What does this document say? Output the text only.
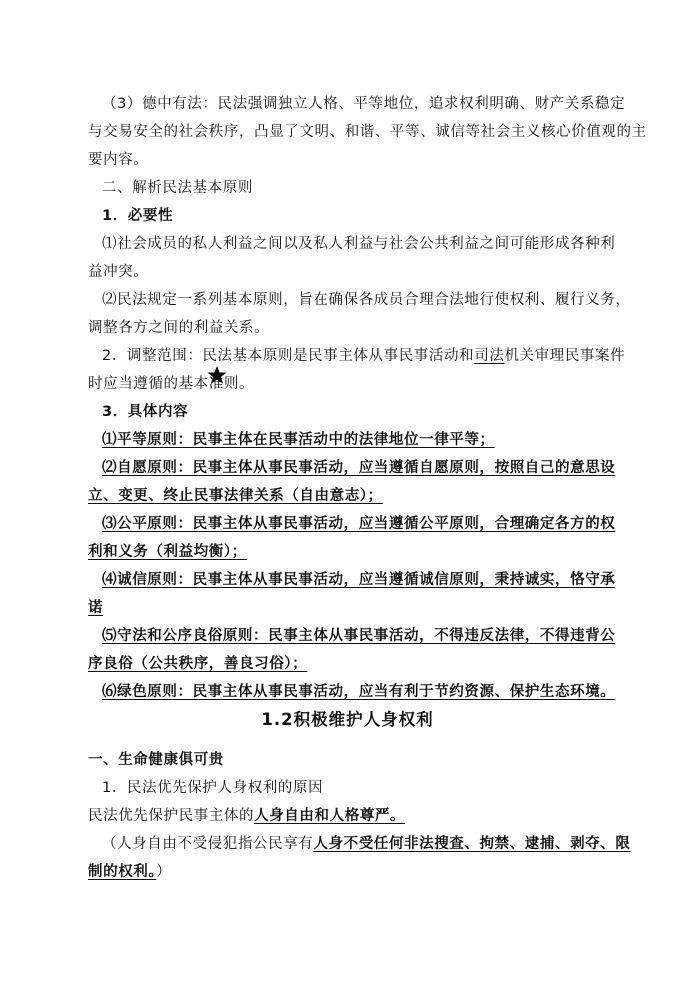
（3）德中有法：民法强调独立人格、平等地位，追求权利明确、财产关系稳定
与交易安全的社会秩序，凸显了文明、和谐、平等、诚信等社会主义核心价值观的主
要内容。
二、解析民法基本原则
1．必要性
⑴社会成员的私人利益之间以及私人利益与社会公共利益之间可能形成各种利
益冲突。
⑵民法规定一系列基本原则，旨在确保各成员合理合法地行使权利、履行义务，
调整各方之间的利益关系。
2．调整范围：民法基本原则是民事主体从事民事活动和司法机关审理民事案件
时应当遵循的基本准则。
3．具体内容
⑴平等原则：民事主体在民事活动中的法律地位一律平等；
⑵自愿原则：民事主体从事民事活动，应当遵循自愿原则，按照自己的意思设
立、变更、终止民事法律关系（自由意志）；
⑶公平原则：民事主体从事民事活动，应当遵循公平原则，合理确定各方的权
利和义务（利益均衡）；
⑷诚信原则：民事主体从事民事活动，应当遵循诚信原则，秉持诚实，恪守承
诺
⑸守法和公序良俗原则：民事主体从事民事活动，不得违反法律，不得违背公
序良俗（公共秩序，善良习俗）；
⑹绿色原则：民事主体从事民事活动，应当有利于节约资源、保护生态环境。
1.2积极维护人身权利
一、生命健康俱可贵
1．民法优先保护人身权利的原因
民法优先保护民事主体的人身自由和人格尊严。
（人身自由不受侵犯指公民享有人身不受任何非法搜查、拘禁、逮捕、剥夺、限
制的权利。）
